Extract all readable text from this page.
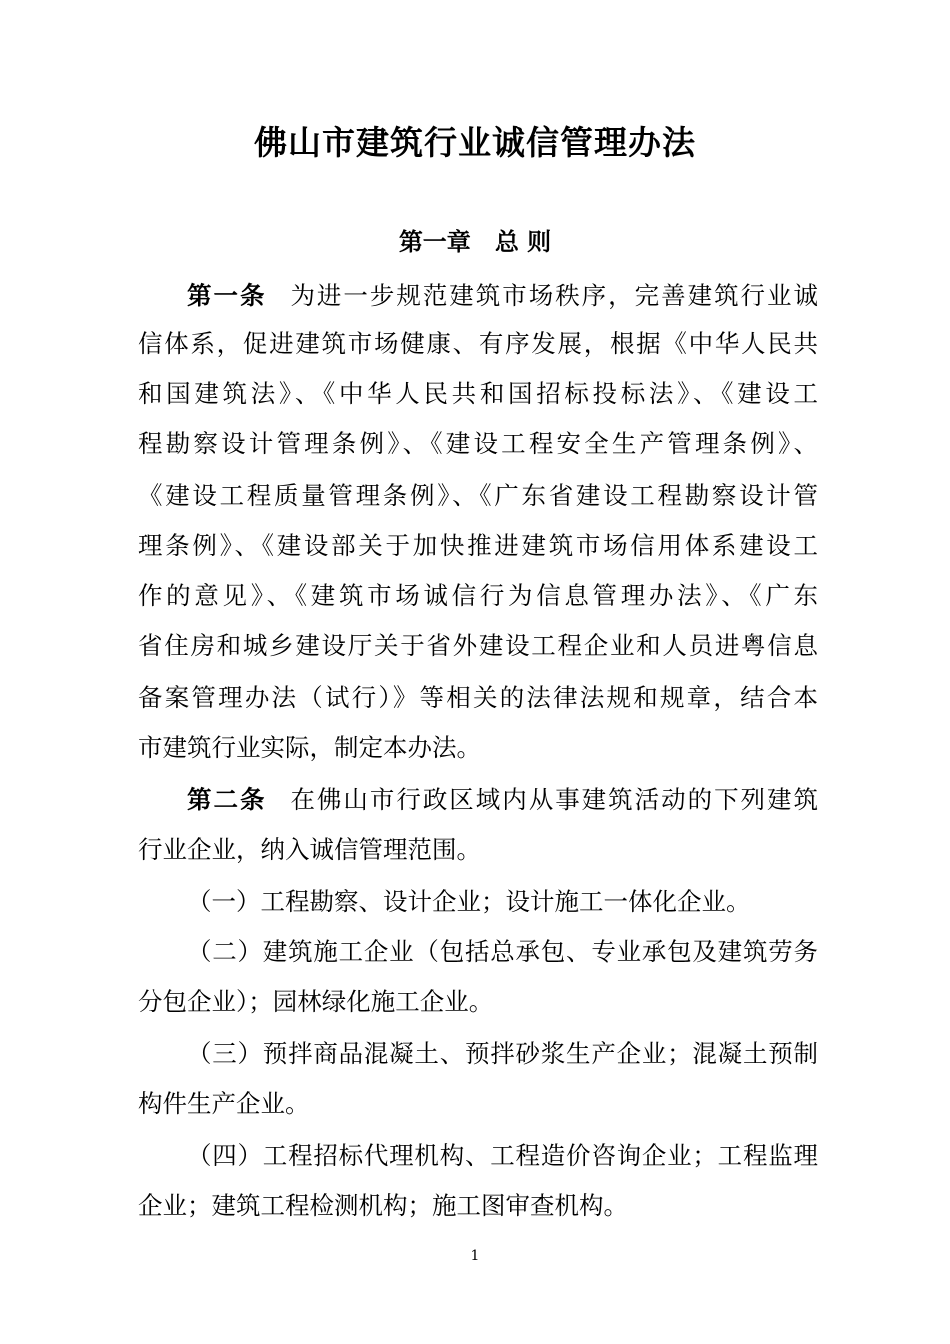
佛山市建筑行业诚信管理办法
第一章 总 则
第一条 为进一步规范建筑市场秩序，完善建筑行业诚
信体系，促进建筑市场健康、有序发展，根据《中华人民共
和国建筑法》、《中华人民共和国招标投标法》、《建设工
程勘察设计管理条例》、《建设工程安全生产管理条例》、
《建设工程质量管理条例》、《广东省建设工程勘察设计管
理条例》、《建设部关于加快推进建筑市场信用体系建设工
作的意见》、《建筑市场诚信行为信息管理办法》、《广东
省住房和城乡建设厅关于省外建设工程企业和人员进粤信息
备案管理办法（试行）》等相关的法律法规和规章，结合本
市建筑行业实际，制定本办法。
第二条 在佛山市行政区域内从事建筑活动的下列建筑
行业企业，纳入诚信管理范围。
（一）工程勘察、设计企业；设计施工一体化企业。
（二）建筑施工企业（包括总承包、专业承包及建筑劳务
分包企业）；园林绿化施工企业。
（三）预拌商品混凝土、预拌砂浆生产企业；混凝土预制
构件生产企业。
（四）工程招标代理机构、工程造价咨询企业；工程监理
企业；建筑工程检测机构；施工图审查机构。
1
